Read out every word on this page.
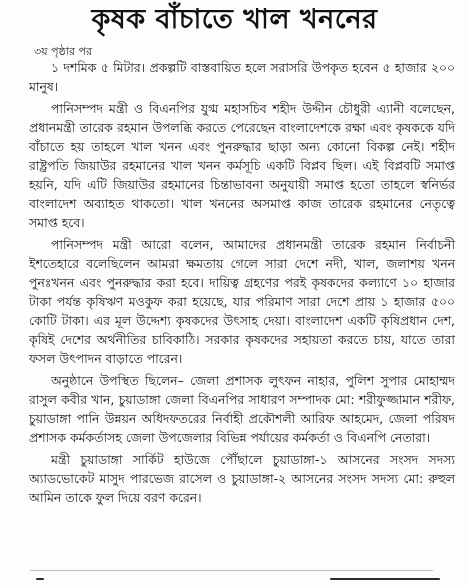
কৃষক বাঁচাতে খাল খননের
৩য় পৃষ্ঠার পর

১ দশমিক ৫ মিটার। প্রকল্পটি বাস্তবায়িত হলে সরাসরি উপকৃত হবেন ৫ হাজার ২০০ মানুষ।

পানিসম্পদ মন্ত্রী ও বিএনপির যুগ্ম মহাসচিব শহীদ উদ্দীন চৌধুরী এ্যানী বলেছেন, প্রধানমন্ত্রী তারেক রহমান উপলব্ধি করতে পেরেছেন বাংলাদেশকে রক্ষা এবং কৃষককে যদি বাঁচাতে হয় তাহলে খাল খনন এবং পুনরুদ্ধার ছাড়া অন্য কোনো বিকল্প নেই। শহীদ রাষ্ট্রপতি জিয়াউর রহমানের খাল খনন কর্মসূচি একটি বিপ্লব ছিল। এই বিপ্লবটি সমাপ্ত হয়নি, যদি এটি জিয়াউর রহমানের চিন্তাভাবনা অনুযায়ী সমাপ্ত হতো তাহলে স্বনির্ভর বাংলাদেশ অব্যাহত থাকতো। খাল খননের অসমাপ্ত কাজ তারেক রহমানের নেতৃত্বে সমাপ্ত হবে।

পানিসম্পদ মন্ত্রী আরো বলেন, আমাদের প্রধানমন্ত্রী তারেক রহমান নির্বাচনী ইশতেহারে বলেছিলেন আমরা ক্ষমতায় গেলে সারা দেশে নদী, খাল, জলাশয় খনন পুনঃখনন এবং পুনরুদ্ধার করা হবে। দায়িত্ব গ্রহণের পরই কৃষকদের কল্যাণে ১০ হাজার টাকা পর্যন্ত কৃষিঋণ মওকুফ করা হয়েছে, যার পরিমাণ সারা দেশে প্রায় ১ হাজার ৫০০ কোটি টাকা। এর মূল উদ্দেশ্য কৃষকদের উৎসাহ দেয়া। বাংলাদেশ একটি কৃষিপ্রধান দেশ, কৃষিই দেশের অর্থনীতির চাবিকাঠি। সরকার কৃষকদের সহায়তা করতে চায়, যাতে তারা ফসল উৎপাদন বাড়াতে পারেন।

অনুষ্ঠানে উপস্থিত ছিলেন– জেলা প্রশাসক লুৎফন নাহার, পুলিশ সুপার মোহাম্মদ রাসুল কবীর খান, চুয়াডাঙ্গা জেলা বিএনপির সাধারণ সম্পাদক মো: শরীফুজ্জামান শরীফ, চুয়াডাঙ্গা পানি উন্নয়ন অধিদফতরের নির্বাহী প্রকৌশলী আরিফ আহমেদ, জেলা পরিষদ প্রশাসক কর্মকর্তাসহ জেলা উপজেলার বিভিন্ন পর্যায়ের কর্মকর্তা ও বিএনপি নেতারা।

মন্ত্রী চুয়াডাঙ্গা সার্কিট হাউজে পৌঁছালে চুয়াডাঙ্গা-১ আসনের সংসদ সদস্য অ্যাডভোকেট মাসুদ পারভেজ রাসেল ও চুয়াডাঙ্গা-২ আসনের সংসদ সদস্য মো: রুহুল আমিন তাকে ফুল দিয়ে বরণ করেন।
